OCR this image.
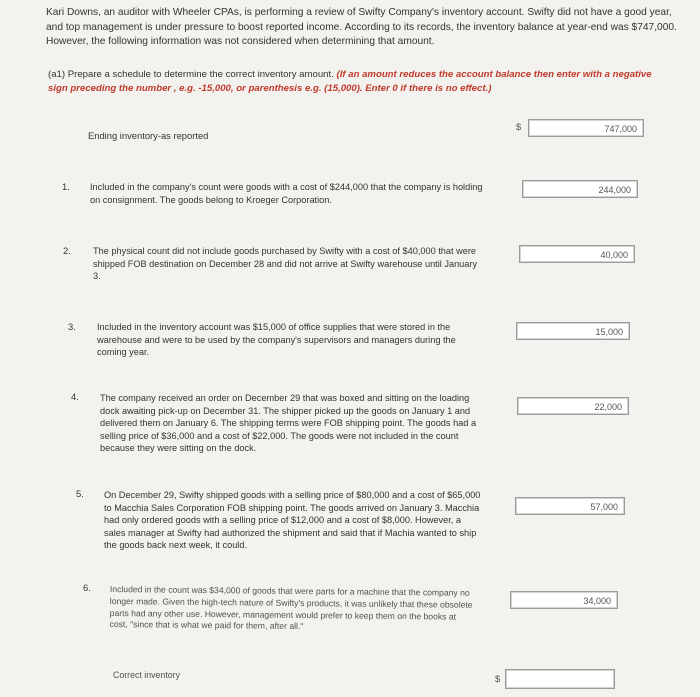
Kari Downs, an auditor with Wheeler CPAs, is performing a review of Swifty Company's inventory account. Swifty did not have a good year, and top management is under pressure to boost reported income. According to its records, the inventory balance at year-end was $747,000. However, the following information was not considered when determining that amount.
(a1) Prepare a schedule to determine the correct inventory amount. (If an amount reduces the account balance then enter with a negative sign preceding the number , e.g. -15,000, or parenthesis e.g. (15,000). Enter 0 if there is no effect.)
Ending inventory-as reported
$	747,000
1. Included in the company's count were goods with a cost of $244,000 that the company is holding on consignment. The goods belong to Kroeger Corporation.
244,000
2. The physical count did not include goods purchased by Swifty with a cost of $40,000 that were shipped FOB destination on December 28 and did not arrive at Swifty warehouse until January 3.
40,000
3. Included in the inventory account was $15,000 of office supplies that were stored in the warehouse and were to be used by the company's supervisors and managers during the coming year.
15,000
4. The company received an order on December 29 that was boxed and sitting on the loading dock awaiting pick-up on December 31. The shipper picked up the goods on January 1 and delivered them on January 6. The shipping terms were FOB shipping point. The goods had a selling price of $36,000 and a cost of $22,000. The goods were not included in the count because they were sitting on the dock.
22,000
5. On December 29, Swifty shipped goods with a selling price of $80,000 and a cost of $65,000 to Macchia Sales Corporation FOB shipping point. The goods arrived on January 3. Macchia had only ordered goods with a selling price of $12,000 and a cost of $8,000. However, a sales manager at Swifty had authorized the shipment and said that if Machia wanted to ship the goods back next week, it could.
57,000
6. Included in the count was $34,000 of goods that were parts for a machine that the company no longer made. Given the high-tech nature of Swifty's products, it was unlikely that these obsolete parts had any other use. However, management would prefer to keep them on the books at cost, "since that is what we paid for them, after all."
34,000
Correct inventory	$
